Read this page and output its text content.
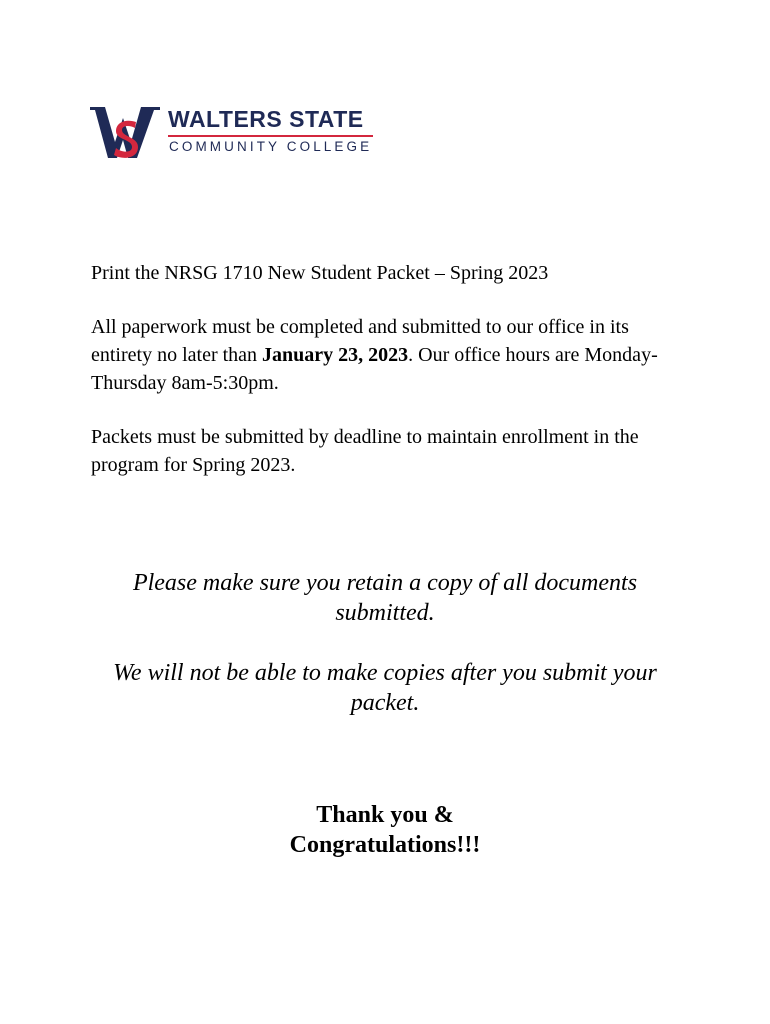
WALTERS STATE
COMMUNITY COLLEGE

Print the NRSG 1710 New Student Packet – Spring 2023

All paperwork must be completed and submitted to our office in its entirety no later than January 23, 2023. Our office hours are Monday-Thursday 8am-5:30pm.

Packets must be submitted by deadline to maintain enrollment in the program for Spring 2023.

Please make sure you retain a copy of all documents submitted.
We will not be able to make copies after you submit your packet.
Thank you &
Congratulations!!!
